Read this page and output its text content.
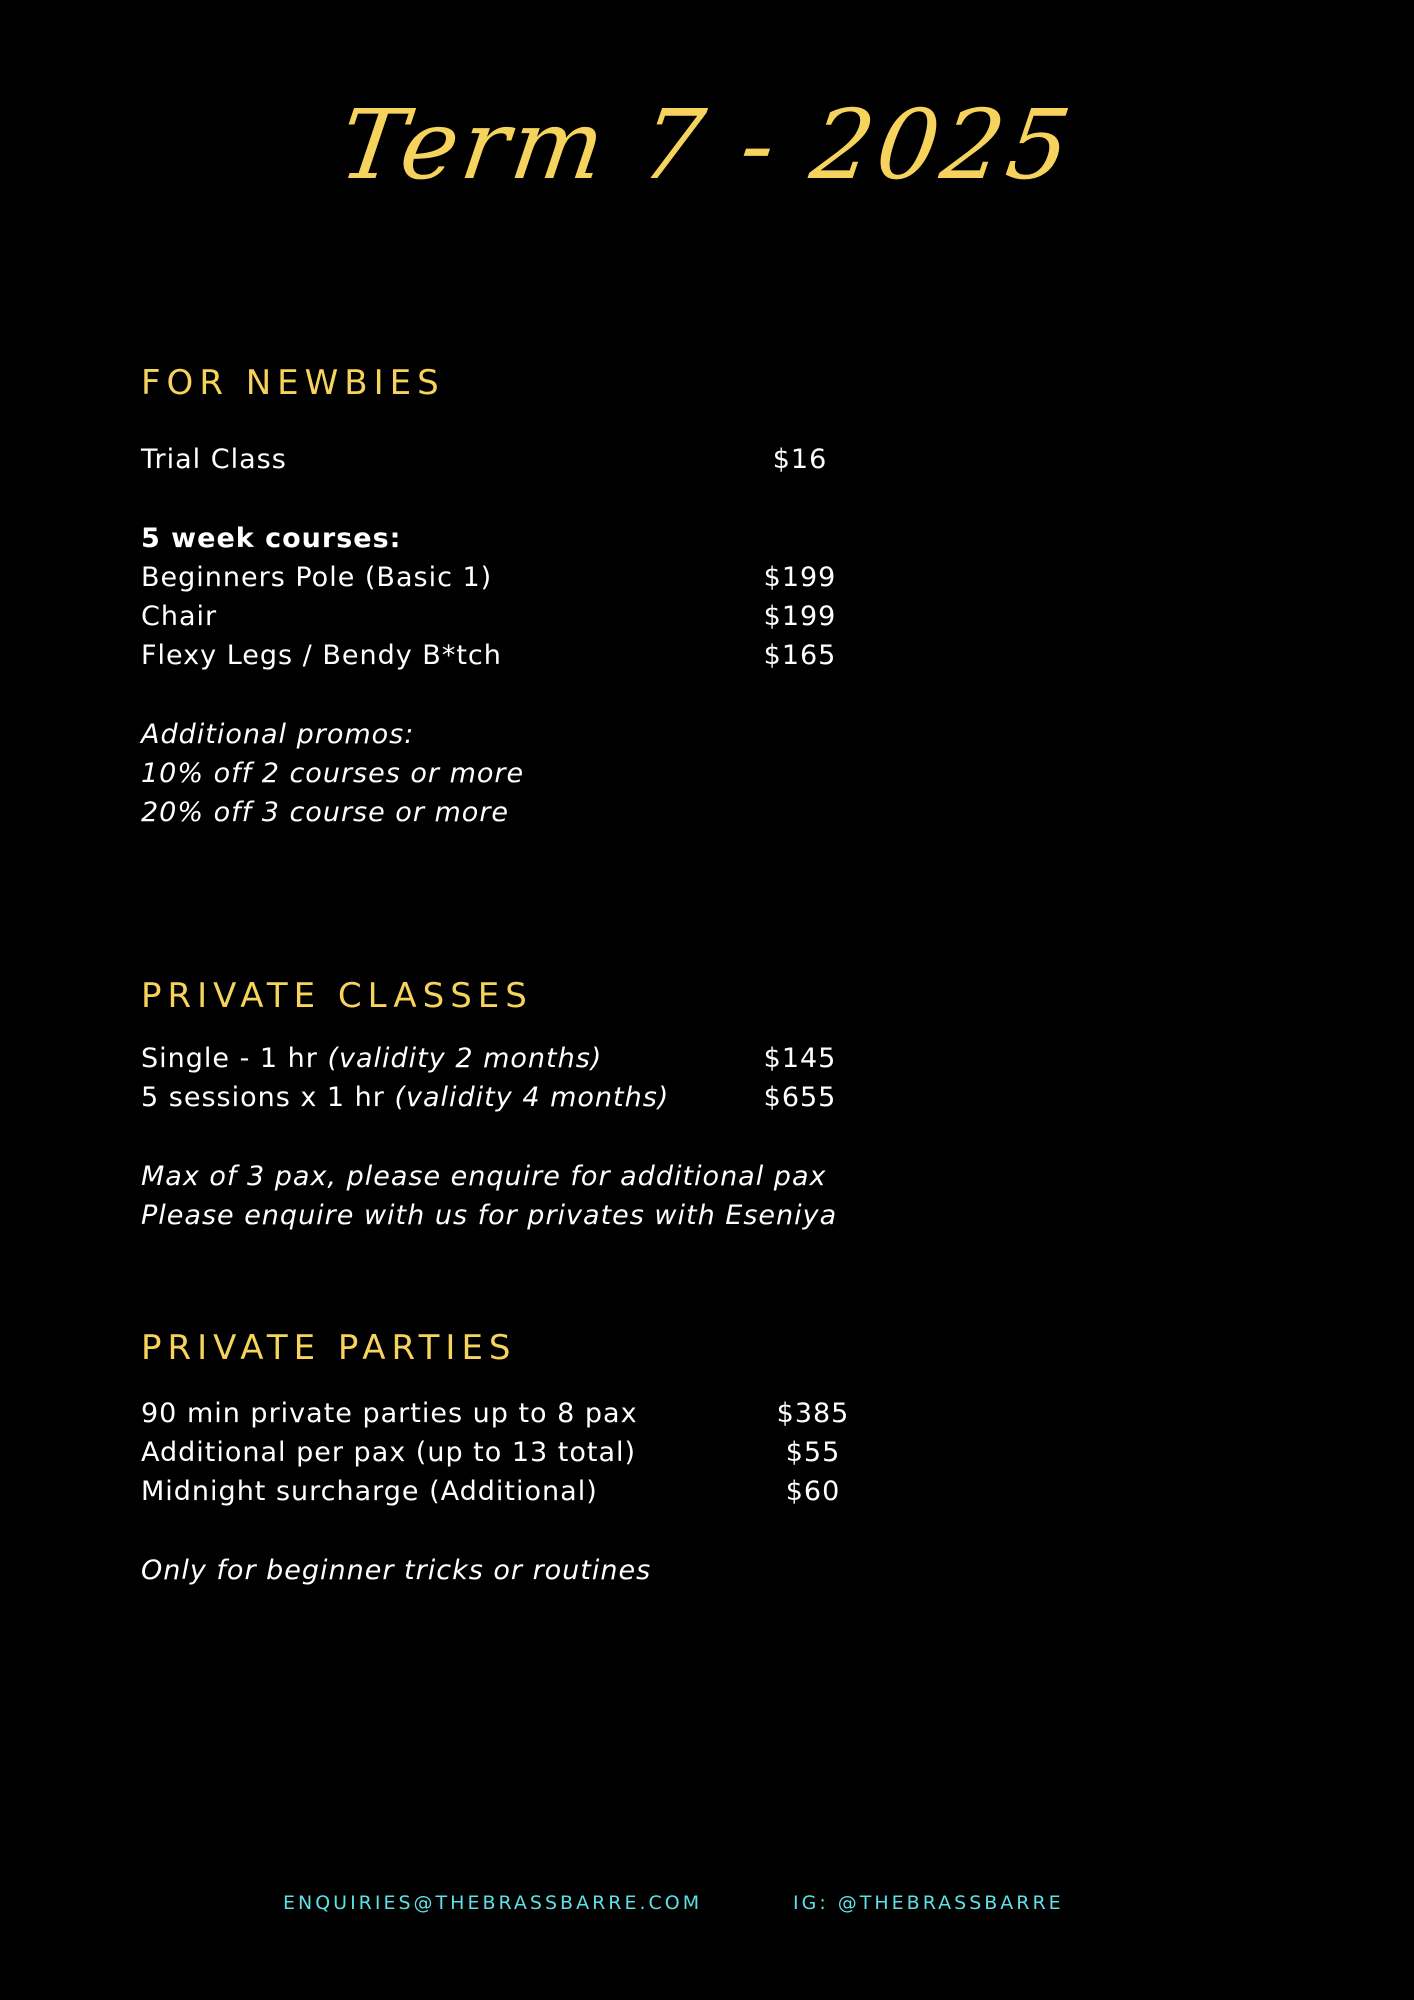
Term 7 - 2025
FOR NEWBIES
Trial Class	$16
5 week courses:
Beginners Pole (Basic 1)	$199
Chair	$199
Flexy Legs / Bendy B*tch	$165
Additional promos:
10% off 2 courses or more
20% off 3 course or more
PRIVATE CLASSES
Single - 1 hr (validity 2 months)	$145
5 sessions x 1 hr (validity 4 months)	$655
Max of 3 pax, please enquire for additional pax
Please enquire with us for privates with Eseniya
PRIVATE PARTIES
90 min private parties up to 8 pax	$385
Additional per pax (up to 13 total)	$55
Midnight surcharge (Additional)	$60
Only for beginner tricks or routines
ENQUIRIES@THEBRASSBARRE.COM	IG: @THEBRASSBARRE
